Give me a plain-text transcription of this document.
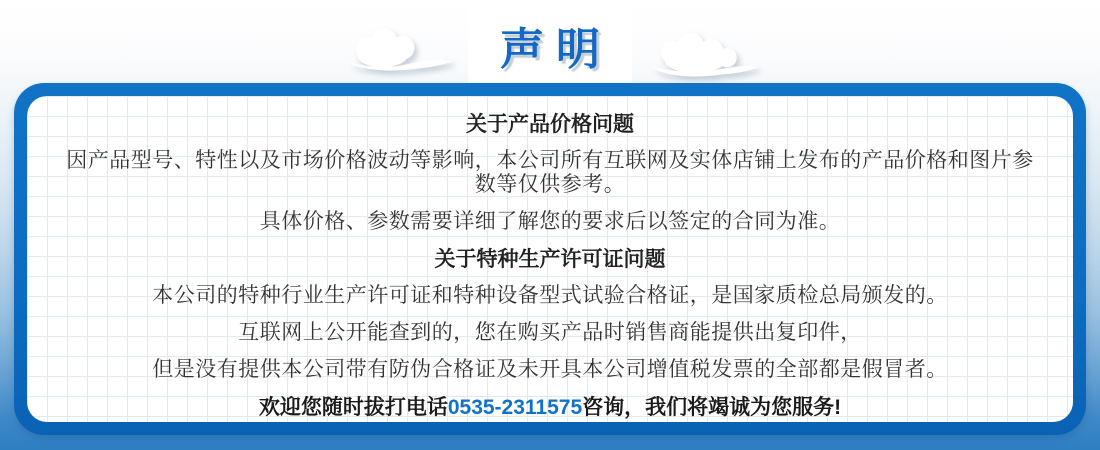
声明
关于产品价格问题

因产品型号、特性以及市场价格波动等影响，本公司所有互联网及实体店铺上发布的产品价格和图片参数等仅供参考。

具体价格、参数需要详细了解您的要求后以签定的合同为准。

关于特种生产许可证问题

本公司的特种行业生产许可证和特种设备型式试验合格证，是国家质检总局颁发的。

互联网上公开能查到的，您在购买产品时销售商能提供出复印件，

但是没有提供本公司带有防伪合格证及未开具本公司增值税发票的全部都是假冒者。

欢迎您随时拔打电话0535-2311575咨询，我们将竭诚为您服务!
